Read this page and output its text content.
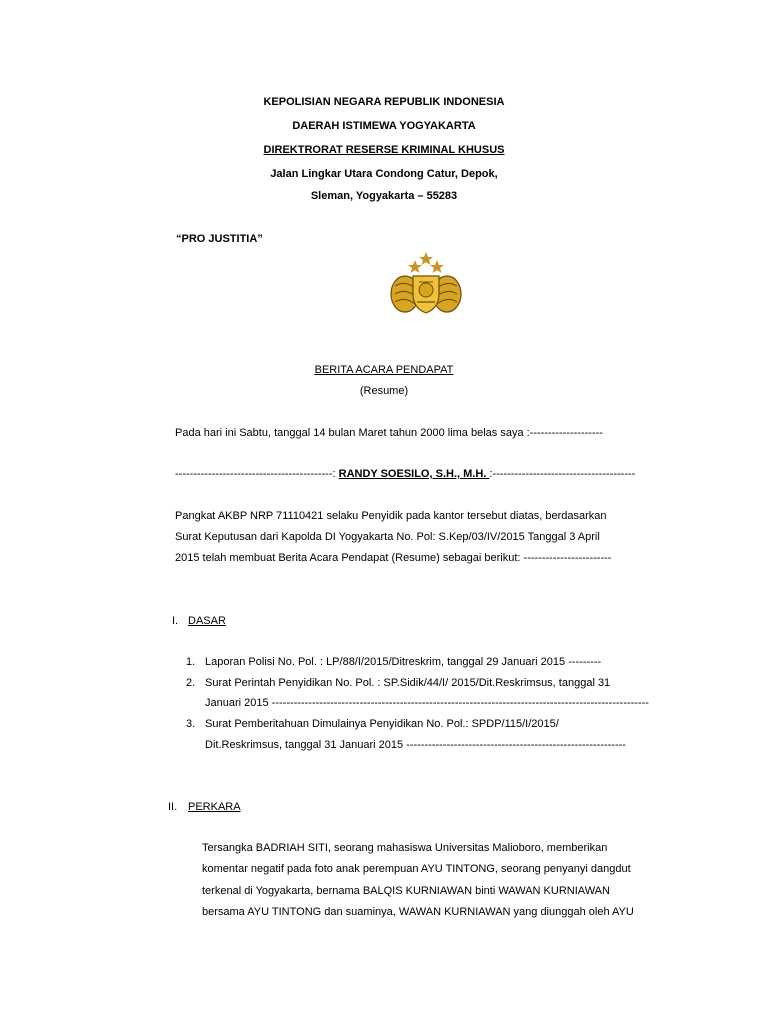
KEPOLISIAN NEGARA REPUBLIK INDONESIA
DAERAH ISTIMEWA YOGYAKARTA
DIREKTRORAT RESERSE KRIMINAL KHUSUS
Jalan Lingkar Utara Condong Catur, Depok,
Sleman, Yogyakarta – 55283
“PRO JUSTITIA”
BERITA ACARA PENDAPAT
(Resume)
Pada hari ini Sabtu, tanggal 14 bulan Maret tahun 2000 lima belas saya :--------------------
-------------------------------------------: RANDY SOESILO, S.H., M.H. :---------------------------------------
Pangkat AKBP NRP 71110421 selaku Penyidik pada kantor tersebut diatas, berdasarkan
Surat Keputusan dari Kapolda DI Yogyakarta No. Pol: S.Kep/03/IV/2015 Tanggal 3 April
2015 telah membuat Berita Acara Pendapat (Resume) sebagai berikut: ------------------------
I. DASAR
1. Laporan Polisi No. Pol. : LP/88/I/2015/Ditreskrim, tanggal 29 Januari 2015 ---------
2. Surat Perintah Penyidikan No. Pol. : SP.Sidik/44/I/ 2015/Dit.Reskrimsus, tanggal 31
Januari 2015 -------------------------------------------------------------------------------------------------------
3. Surat Pemberitahuan Dimulainya Penyidikan No. Pol.: SPDP/115/I/2015/
Dit.Reskrimsus, tanggal 31 Januari 2015 ------------------------------------------------------------
II. PERKARA
Tersangka BADRIAH SITI, seorang mahasiswa Universitas Malioboro, memberikan
komentar negatif pada foto anak perempuan AYU TINTONG, seorang penyanyi dangdut
terkenal di Yogyakarta, bernama BALQIS KURNIAWAN binti WAWAN KURNIAWAN
bersama AYU TINTONG dan suaminya, WAWAN KURNIAWAN yang diunggah oleh AYU
